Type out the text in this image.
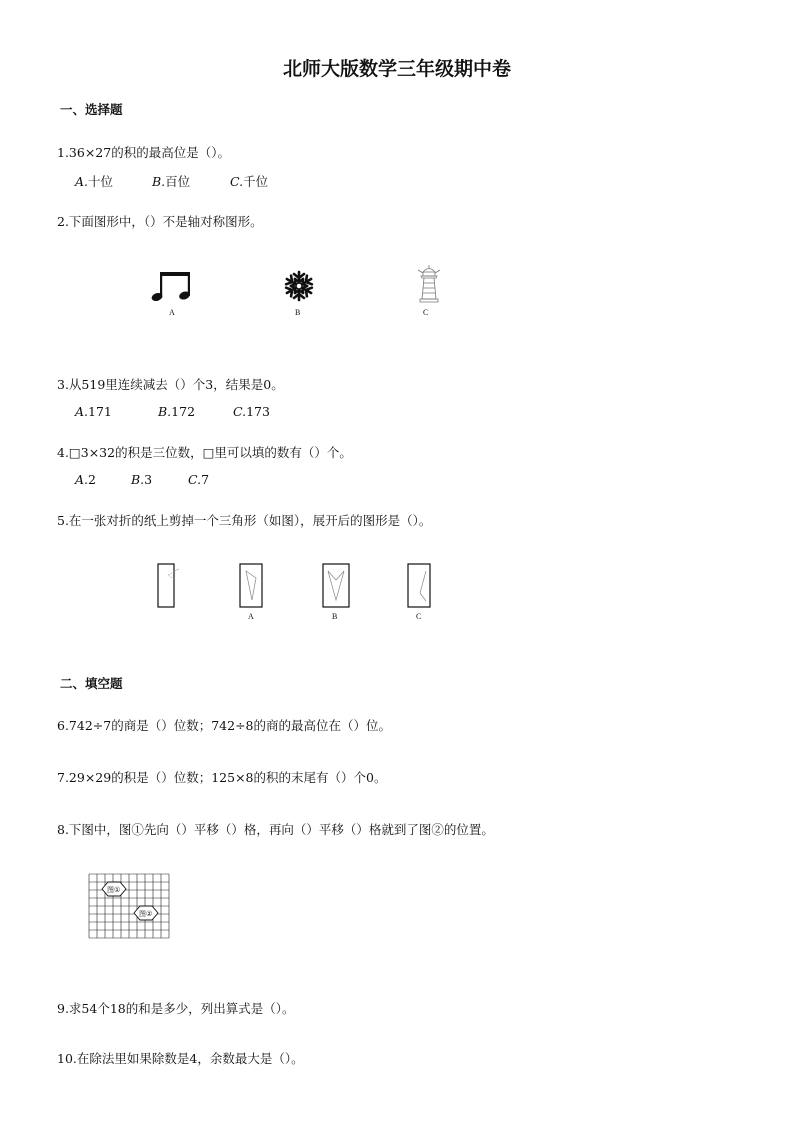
北师大版数学三年级期中卷
一、选择题
1.36×27的积的最高位是（）。
A.十位	B.百位	C.千位
2.下面图形中，（）不是轴对称图形。
A	B	C
3.从519里连续减去（）个3，结果是0。
A.171	B.172	C.173
4.□3×32的积是三位数，□里可以填的数有（）个。
A.2	B.3	C.7
5.在一张对折的纸上剪掉一个三角形（如图），展开后的图形是（）。
A	B	C
二、填空题
6.742÷7的商是（）位数；742÷8的商的最高位在（）位。
7.29×29的积是（）位数；125×8的积的末尾有（）个0。
8.下图中，图①先向（）平移（）格，再向（）平移（）格就到了图②的位置。
图①
图②
9.求54个18的和是多少，列出算式是（）。
10.在除法里如果除数是4，余数最大是（）。
